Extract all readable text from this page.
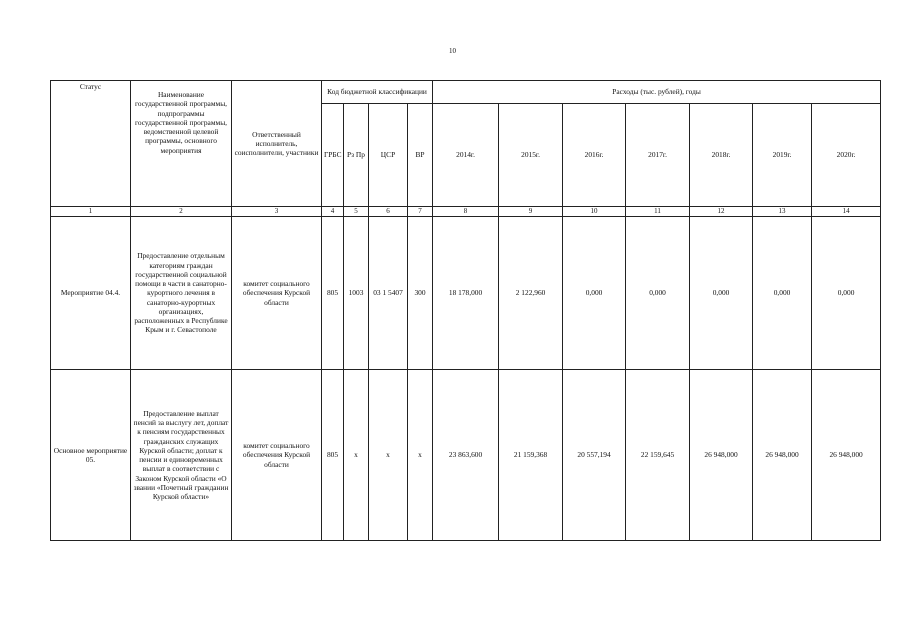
10
Статус	Наименование государственной программы, подпрограммы государственной программы, ведомственной целевой программы, основного мероприятия	Ответственный исполнитель, соисполнители, участники	Код бюджетной классификации				Расходы (тыс. рублей), годы						
			ГРБС	Рз Пр	ЦСР	ВР	2014г.	2015г.	2016г.	2017г.	2018г.	2019г.	2020г.
1	2	3	4	5	6	7	8	9	10	11	12	13	14
Мероприятие 04.4.	Предоставление отдельным категориям граждан государственной социальной помощи в части в санаторно-курортного лечения в санаторно-курортных организациях, расположенных в Республике Крым и г. Севастополе	комитет социального обеспечения Курской области	805	1003	03 1 5407	300	18 178,000	2 122,960	0,000	0,000	0,000	0,000	0,000
Основное мероприятие 05.	Предоставление выплат пенсий за выслугу лет, доплат к пенсиям государственных гражданских служащих Курской области; доплат к пенсии и единовременных выплат в соответствии с Законом Курской области «О звании «Почетный гражданин Курской области»	комитет социального обеспечения Курской области	805	х	х	х	23 863,600	21 159,368	20 557,194	22 159,645	26 948,000	26 948,000	26 948,000
